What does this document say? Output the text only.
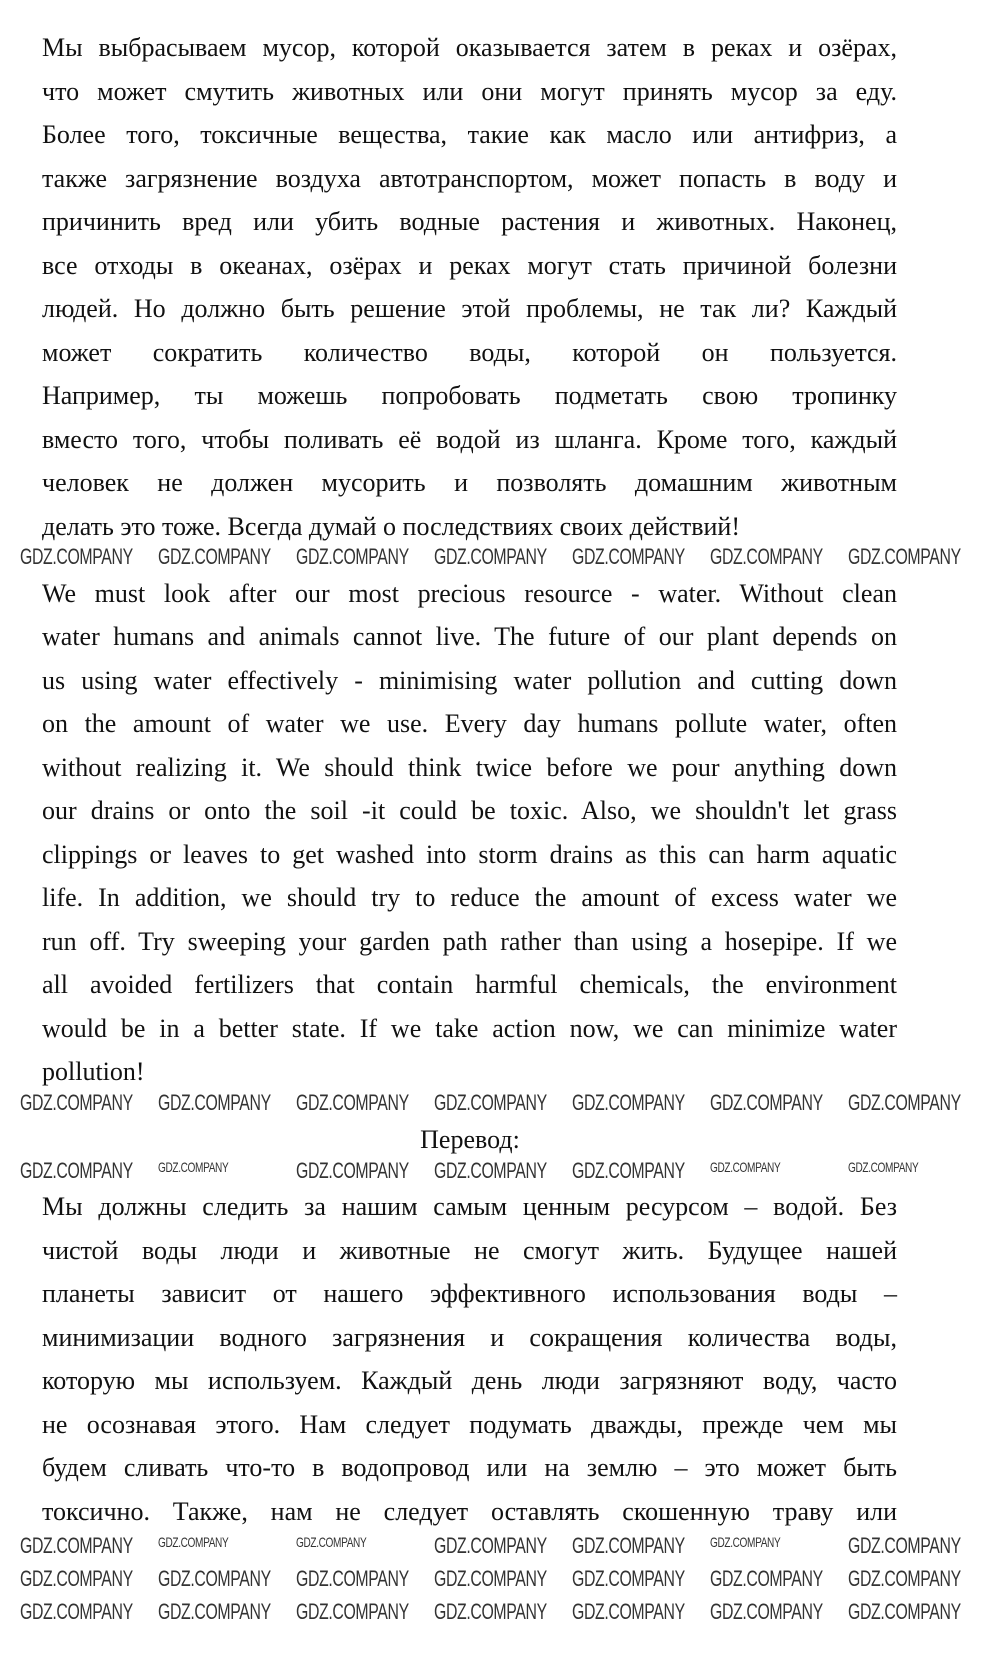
Мы выбрасываем мусор, которой оказывается затем в реках и озёрах,
что может смутить животных или они могут принять мусор за еду.
Более того, токсичные вещества, такие как масло или антифриз, а
также загрязнение воздуха автотранспортом, может попасть в воду и
причинить вред или убить водные растения и животных. Наконец,
все отходы в океанах, озёрах и реках могут стать причиной болезни
людей. Но должно быть решение этой проблемы, не так ли? Каждый
может сократить количество воды, которой он пользуется.
Например, ты можешь попробовать подметать свою тропинку
вместо того, чтобы поливать её водой из шланга. Кроме того, каждый
человек не должен мусорить и позволять домашним животным
делать это тоже. Всегда думай о последствиях своих действий!
We must look after our most precious resource - water. Without clean
water humans and animals cannot live. The future of our plant depends on
us using water effectively - minimising water pollution and cutting down
on the amount of water we use. Every day humans pollute water, often
without realizing it. We should think twice before we pour anything down
our drains or onto the soil -it could be toxic. Also, we shouldn't let grass
clippings or leaves to get washed into storm drains as this can harm aquatic
life. In addition, we should try to reduce the amount of excess water we
run off. Try sweeping your garden path rather than using a hosepipe. If we
all avoided fertilizers that contain harmful chemicals, the environment
would be in a better state. If we take action now, we can minimize water
pollution!
Перевод:
Мы должны следить за нашим самым ценным ресурсом – водой. Без
чистой воды люди и животные не смогут жить. Будущее нашей
планеты зависит от нашего эффективного использования воды –
минимизации водного загрязнения и сокращения количества воды,
которую мы используем. Каждый день люди загрязняют воду, часто
не осознавая этого. Нам следует подумать дважды, прежде чем мы
будем сливать что-то в водопровод или на землю – это может быть
токсично. Также, нам не следует оставлять скошенную траву или
GDZ.COMPANY GDZ.COMPANY GDZ.COMPANY GDZ.COMPANY GDZ.COMPANY GDZ.COMPANY GDZ.COMPANY
GDZ.COMPANY GDZ.COMPANY GDZ.COMPANY GDZ.COMPANY GDZ.COMPANY GDZ.COMPANY GDZ.COMPANY
GDZ.COMPANY GDZ.COMPANY	GDZ.COMPANY GDZ.COMPANY GDZ.COMPANY GDZ.COMPANY	GDZ.COMPANY
GDZ.COMPANY GDZ.COMPANY	GDZ.COMPANY	GDZ.COMPANY GDZ.COMPANY GDZ.COMPANY	GDZ.COMPANY
GDZ.COMPANY GDZ.COMPANY GDZ.COMPANY GDZ.COMPANY GDZ.COMPANY GDZ.COMPANY GDZ.COMPANY
GDZ.COMPANY GDZ.COMPANY GDZ.COMPANY GDZ.COMPANY GDZ.COMPANY GDZ.COMPANY GDZ.COMPANY
